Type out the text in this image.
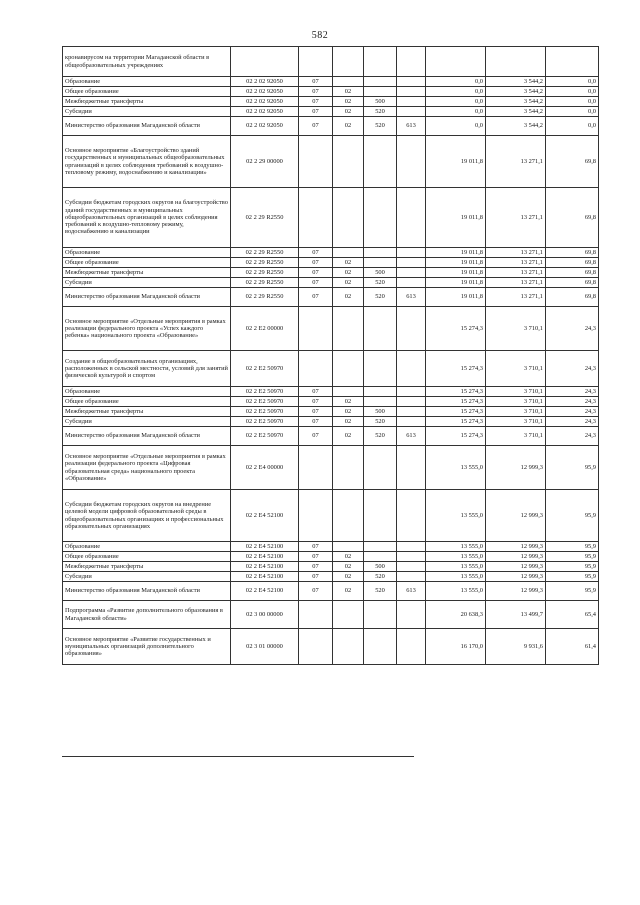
582
кронавирусом на территории Магаданской области в общеобразовательных учреждениях								
Образование	02 2 02 92050	07				0,0	3 544,2	0,0
Общее образование	02 2 02 92050	07	02			0,0	3 544,2	0,0
Межбюджетные трансферты	02 2 02 92050	07	02	500		0,0	3 544,2	0,0
Субсидии	02 2 02 92050	07	02	520		0,0	3 544,2	0,0
Министерство образования Магаданской области	02 2 02 92050	07	02	520	613	0,0	3 544,2	0,0
Основное мероприятие «Благоустройство зданий государственных и муниципальных общеобразовательных организаций в целях соблюдения требований к воздушно-тепловому режиму, водоснабжению и канализации»	02 2 29 00000					19 011,8	13 271,1	69,8
Субсидии бюджетам городских округов на благоустройство зданий государственных и муниципальных общеобразовательных организаций в целях соблюдения требований к воздушно-тепловому режиму, водоснабжению и канализации	02 2 29 R2550					19 011,8	13 271,1	69,8
Образование	02 2 29 R2550	07				19 011,8	13 271,1	69,8
Общее образование	02 2 29 R2550	07	02			19 011,8	13 271,1	69,8
Межбюджетные трансферты	02 2 29 R2550	07	02	500		19 011,8	13 271,1	69,8
Субсидии	02 2 29 R2550	07	02	520		19 011,8	13 271,1	69,8
Министерство образования Магаданской области	02 2 29 R2550	07	02	520	613	19 011,8	13 271,1	69,8
Основное мероприятие «Отдельные мероприятия в рамках реализации федерального проекта «Успех каждого ребенка» национального проекта «Образование»	02 2 E2 00000					15 274,3	3 710,1	24,3
Создание в общеобразовательных организациях, расположенных в сельской местности, условий для занятий физической культурой и спортом	02 2 E2 50970					15 274,3	3 710,1	24,3
Образование	02 2 E2 50970	07				15 274,3	3 710,1	24,3
Общее образование	02 2 E2 50970	07	02			15 274,3	3 710,1	24,3
Межбюджетные трансферты	02 2 E2 50970	07	02	500		15 274,3	3 710,1	24,3
Субсидии	02 2 E2 50970	07	02	520		15 274,3	3 710,1	24,3
Министерство образования Магаданской области	02 2 E2 50970	07	02	520	613	15 274,3	3 710,1	24,3
Основное мероприятие «Отдельные мероприятия в рамках реализации федерального проекта «Цифровая образовательная среда» национального проекта «Образование»	02 2 E4 00000					13 555,0	12 999,3	95,9
Субсидии бюджетам городских округов на внедрение целевой модели цифровой образовательной среды в общеобразовательных организациях и профессиональных образовательных организациях	02 2 E4 52100					13 555,0	12 999,3	95,9
Образование	02 2 E4 52100	07				13 555,0	12 999,3	95,9
Общее образование	02 2 E4 52100	07	02			13 555,0	12 999,3	95,9
Межбюджетные трансферты	02 2 E4 52100	07	02	500		13 555,0	12 999,3	95,9
Субсидии	02 2 E4 52100	07	02	520		13 555,0	12 999,3	95,9
Министерство образования Магаданской области	02 2 E4 52100	07	02	520	613	13 555,0	12 999,3	95,9
Подпрограмма «Развитие дополнительного образования в Магаданской области»	02 3 00 00000					20 638,3	13 499,7	65,4
Основное мероприятие «Развитие государственных и муниципальных организаций дополнительного образования»	02 3 01 00000					16 170,0	9 931,6	61,4
